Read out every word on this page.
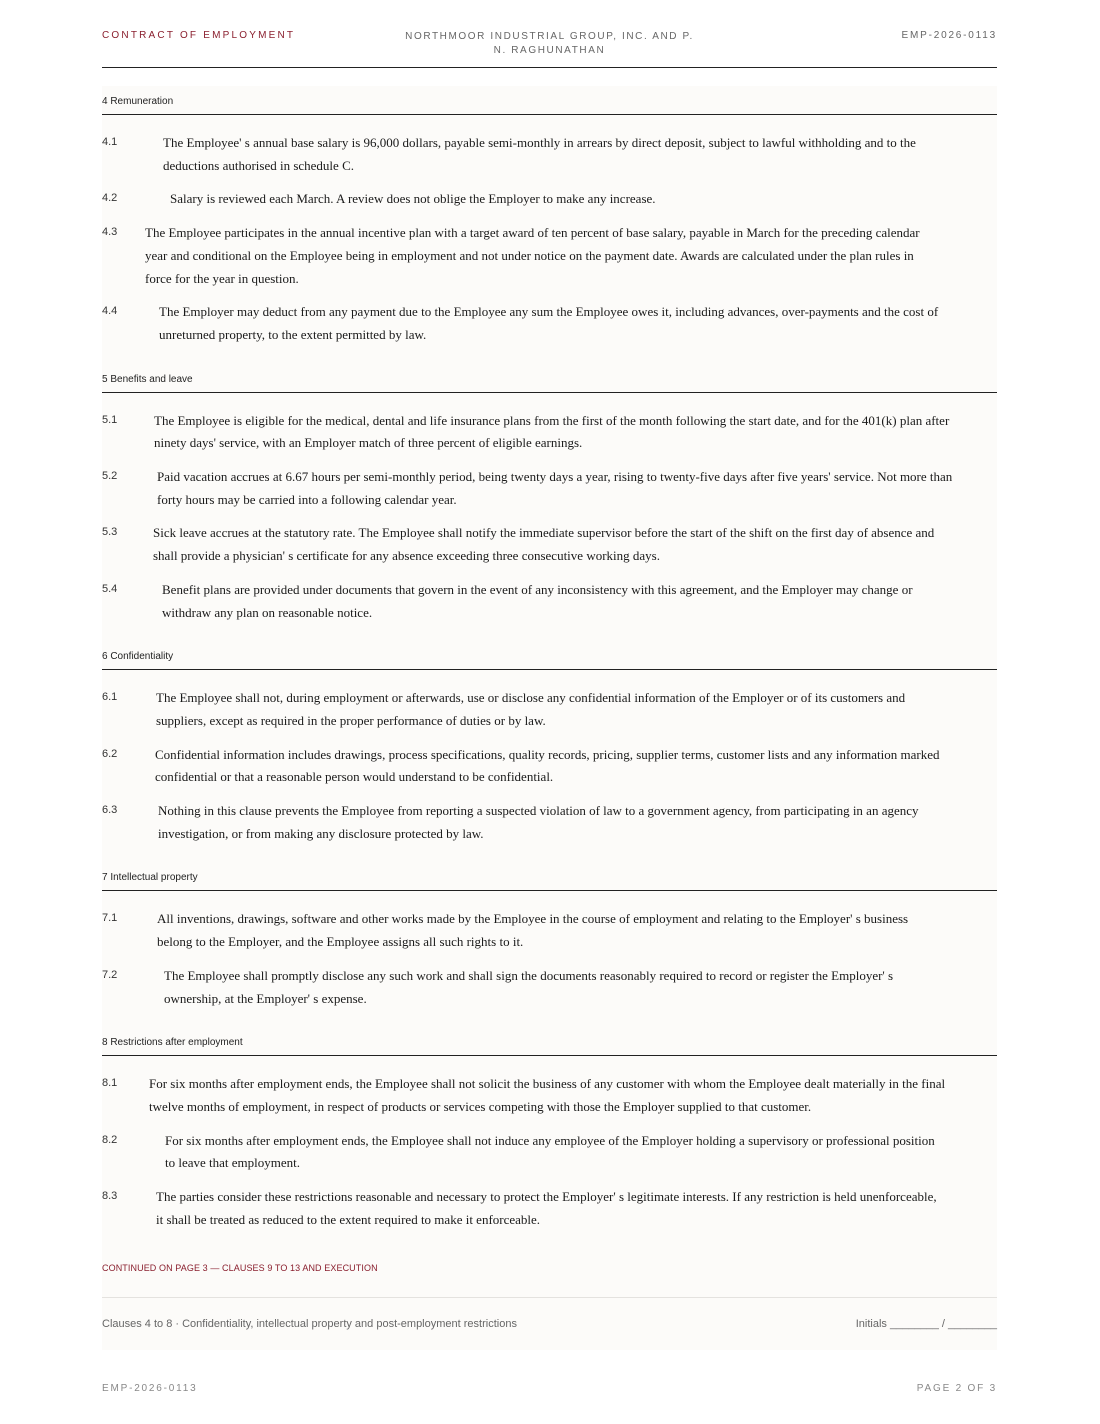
CONTRACT OF EMPLOYMENT	NORTHMOOR INDUSTRIAL GROUP, INC. AND P. N. RAGHUNATHAN
EMP-2026-0113
4 Remuneration
4.1	The Employee' s annual base salary is 96,000 dollars, payable semi-monthly in arrears by direct deposit, subject to lawful withholding and to the deductions authorised in schedule C.
4.2	Salary is reviewed each March. A review does not oblige the Employer to make any increase.
4.3 The Employee participates in the annual incentive plan with a target award of ten percent of base salary, payable in March for the preceding calendar year and conditional on the Employee being in employment and not under notice on the payment date. Awards are calculated under the plan rules in force for the year in question.
4.4	The Employer may deduct from any payment due to the Employee any sum the Employee owes it, including advances, over-payments and the cost of unreturned property, to the extent permitted by law.
5 Benefits and leave
5.1	The Employee is eligible for the medical, dental and life insurance plans from the first of the month following the start date, and for the 401(k) plan after ninety days' service, with an Employer match of three percent of eligible earnings.
5.2	Paid vacation accrues at 6.67 hours per semi-monthly period, being twenty days a year, rising to twenty-five days after five years' service. Not more than forty hours may be carried into a following calendar year.
5.3	Sick leave accrues at the statutory rate. The Employee shall notify the immediate supervisor before the start of the shift on the first day of absence and shall provide a physician' s certificate for any absence exceeding three consecutive working days.
5.4	Benefit plans are provided under documents that govern in the event of any inconsistency with this agreement, and the Employer may change or withdraw any plan on reasonable notice.
6 Confidentiality
6.1	The Employee shall not, during employment or afterwards, use or disclose any confidential information of the Employer or of its customers and suppliers, except as required in the proper performance of duties or by law.
6.2	Confidential information includes drawings, process specifications, quality records, pricing, supplier terms, customer lists and any information marked confidential or that a reasonable person would understand to be confidential.
6.3	Nothing in this clause prevents the Employee from reporting a suspected violation of law to a government agency, from participating in an agency investigation, or from making any disclosure protected by law.
7 Intellectual property
7.1	All inventions, drawings, software and other works made by the Employee in the course of employment and relating to the Employer' s business belong to the Employer, and the Employee assigns all such rights to it.
7.2	The Employee shall promptly disclose any such work and shall sign the documents reasonably required to record or register the Employer' s ownership, at the Employer' s expense.
8 Restrictions after employment
8.1 For six months after employment ends, the Employee shall not solicit the business of any customer with whom the Employee dealt materially in the final twelve months of employment, in respect of products or services competing with those the Employer supplied to that customer.
8.2	For six months after employment ends, the Employee shall not induce any employee of the Employer holding a supervisory or professional position to leave that employment.
8.3	The parties consider these restrictions reasonable and necessary to protect the Employer' s legitimate interests. If any restriction is held unenforceable, it shall be treated as reduced to the extent required to make it enforceable.
CONTINUED ON PAGE 3 — CLAUSES 9 TO 13 AND EXECUTION
Clauses 4 to 8 · Confidentiality, intellectual property and post-employment restrictions	Initials ________ / ________
EMP-2026-0113	PAGE 2 OF 3
